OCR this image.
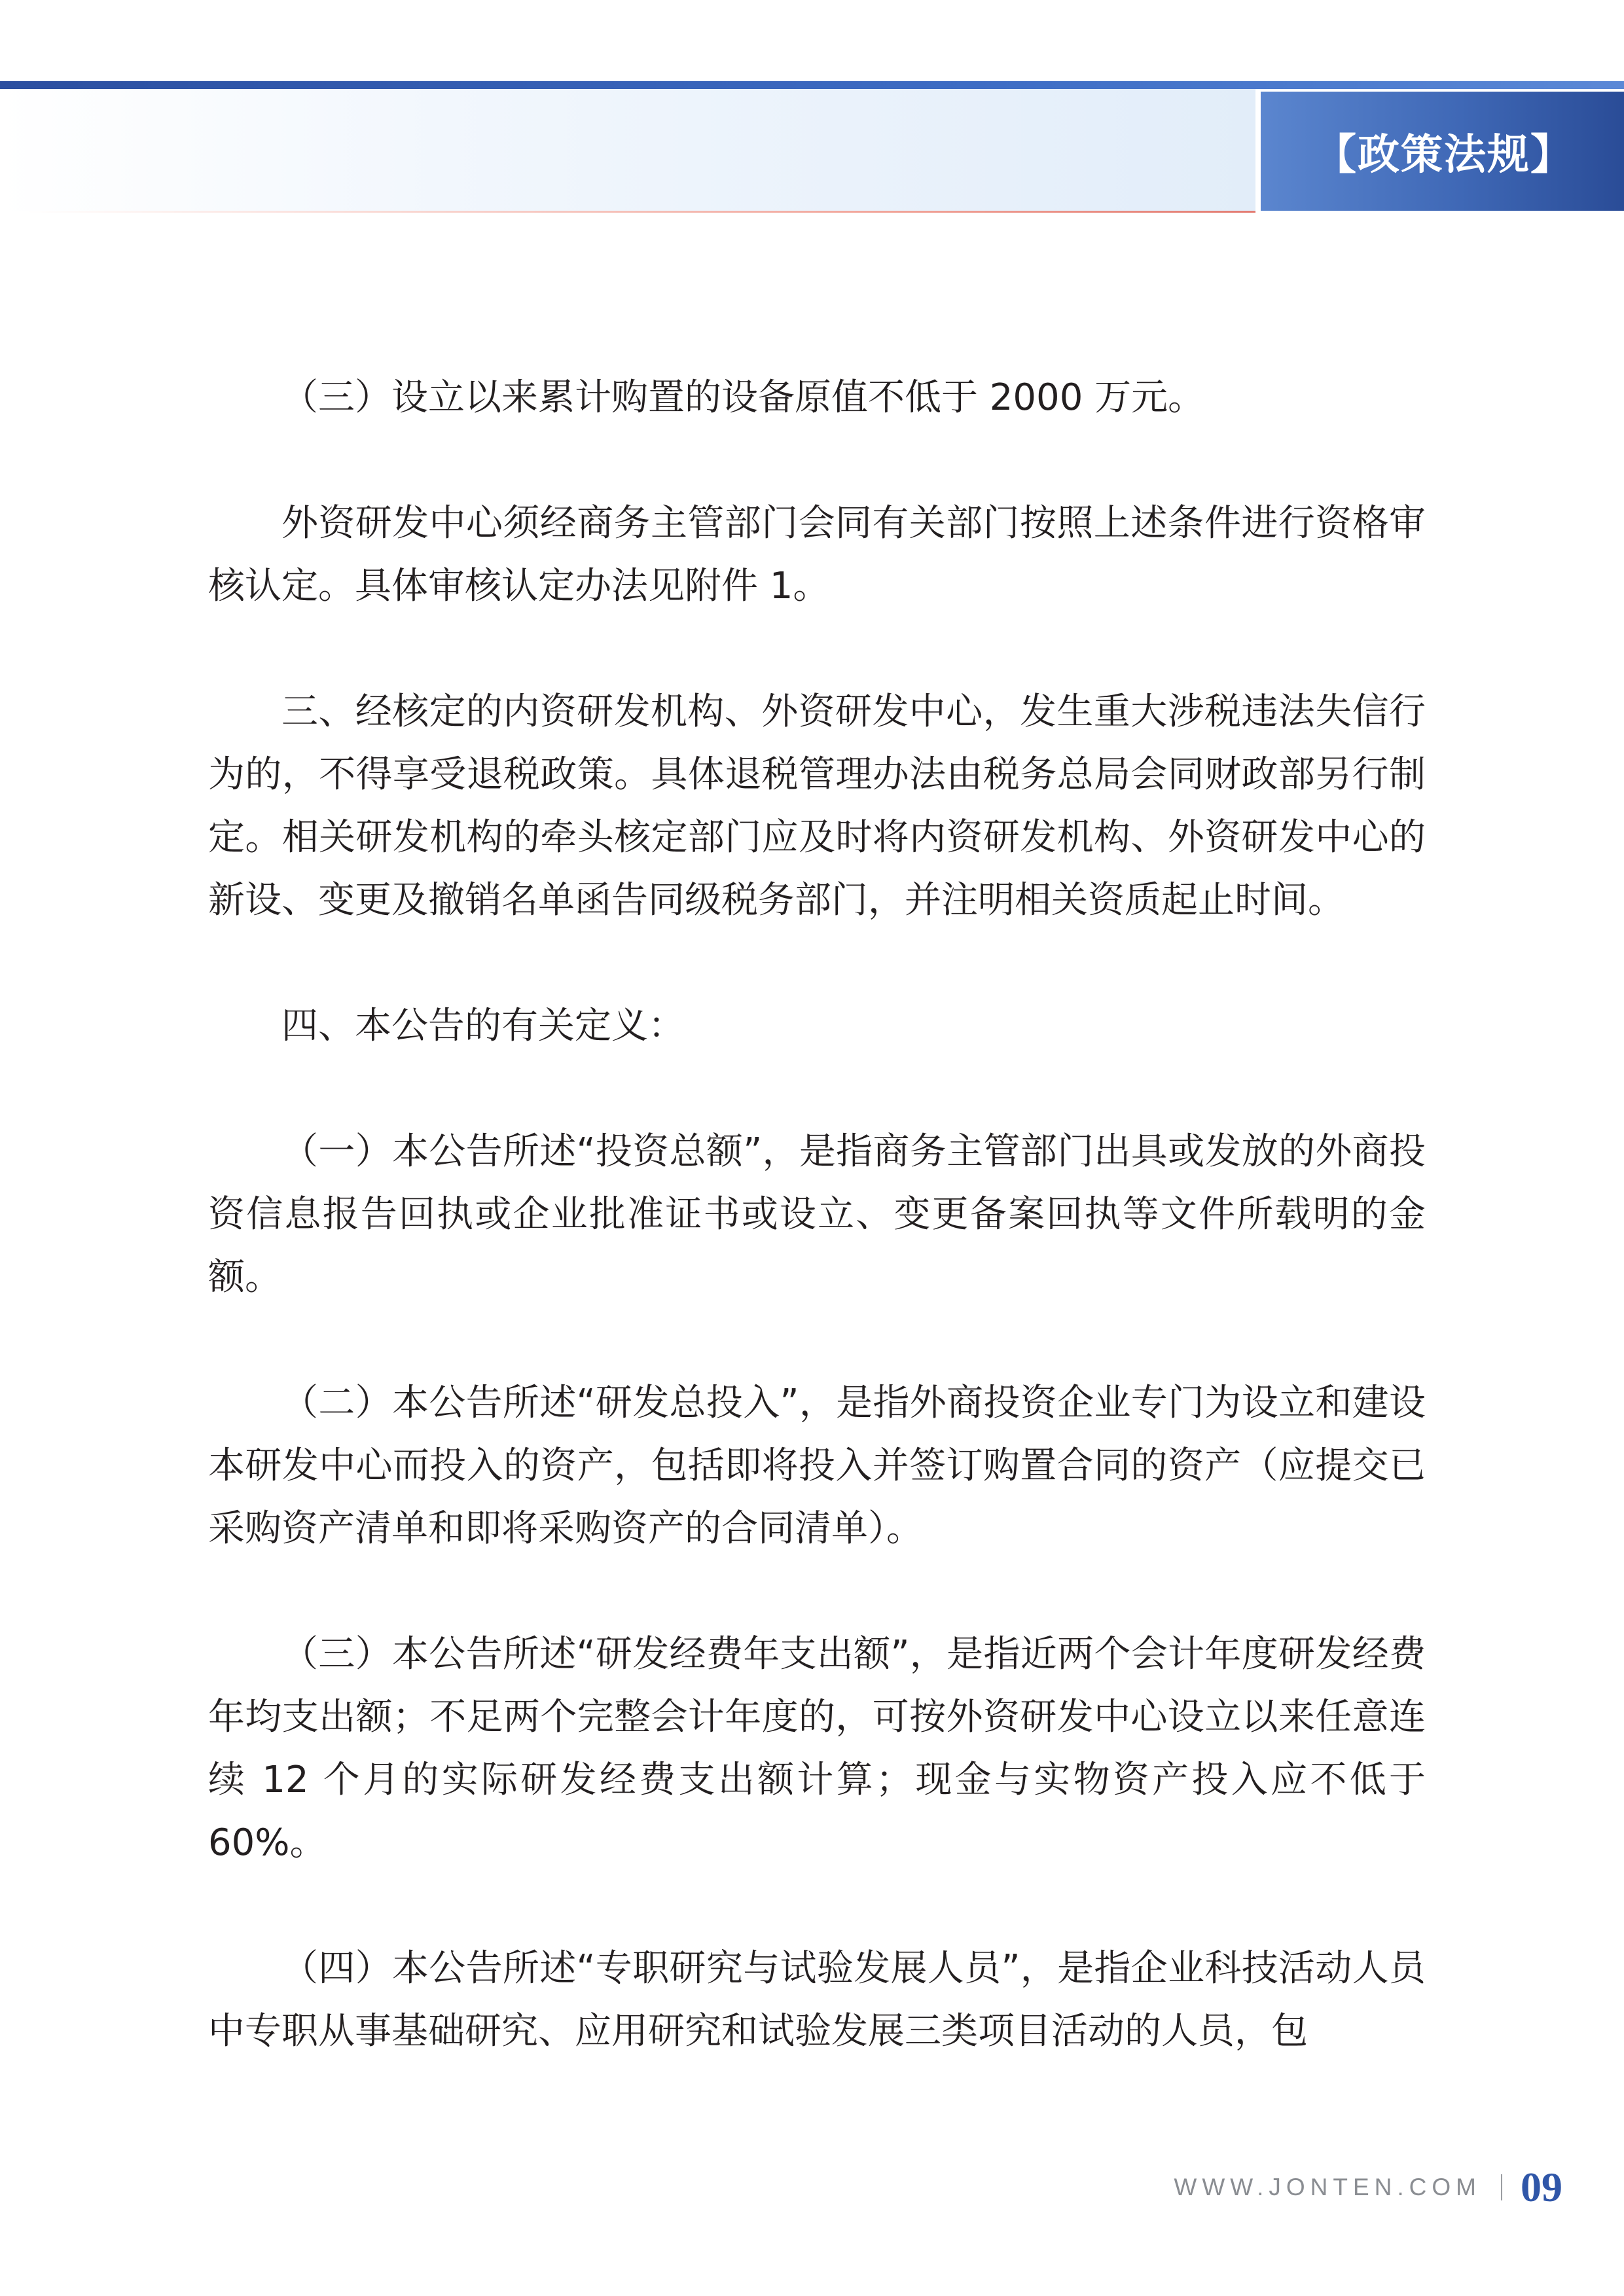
【政策法规】

（三）设立以来累计购置的设备原值不低于 2000 万元。

外资研发中心须经商务主管部门会同有关部门按照上述条件进行资格审核认定。具体审核认定办法见附件 1。

三、经核定的内资研发机构、外资研发中心，发生重大涉税违法失信行为的，不得享受退税政策。具体退税管理办法由税务总局会同财政部另行制定。相关研发机构的牵头核定部门应及时将内资研发机构、外资研发中心的新设、变更及撤销名单函告同级税务部门，并注明相关资质起止时间。

四、本公告的有关定义：

（一）本公告所述“投资总额”，是指商务主管部门出具或发放的外商投资信息报告回执或企业批准证书或设立、变更备案回执等文件所载明的金额。

（二）本公告所述“研发总投入”，是指外商投资企业专门为设立和建设本研发中心而投入的资产，包括即将投入并签订购置合同的资产（应提交已采购资产清单和即将采购资产的合同清单）。

（三）本公告所述“研发经费年支出额”，是指近两个会计年度研发经费年均支出额；不足两个完整会计年度的，可按外资研发中心设立以来任意连续 12 个月的实际研发经费支出额计算；现金与实物资产投入应不低于 60%。

（四）本公告所述“专职研究与试验发展人员”，是指企业科技活动人员中专职从事基础研究、应用研究和试验发展三类项目活动的人员，包

WWW.JONTEN.COM 09
